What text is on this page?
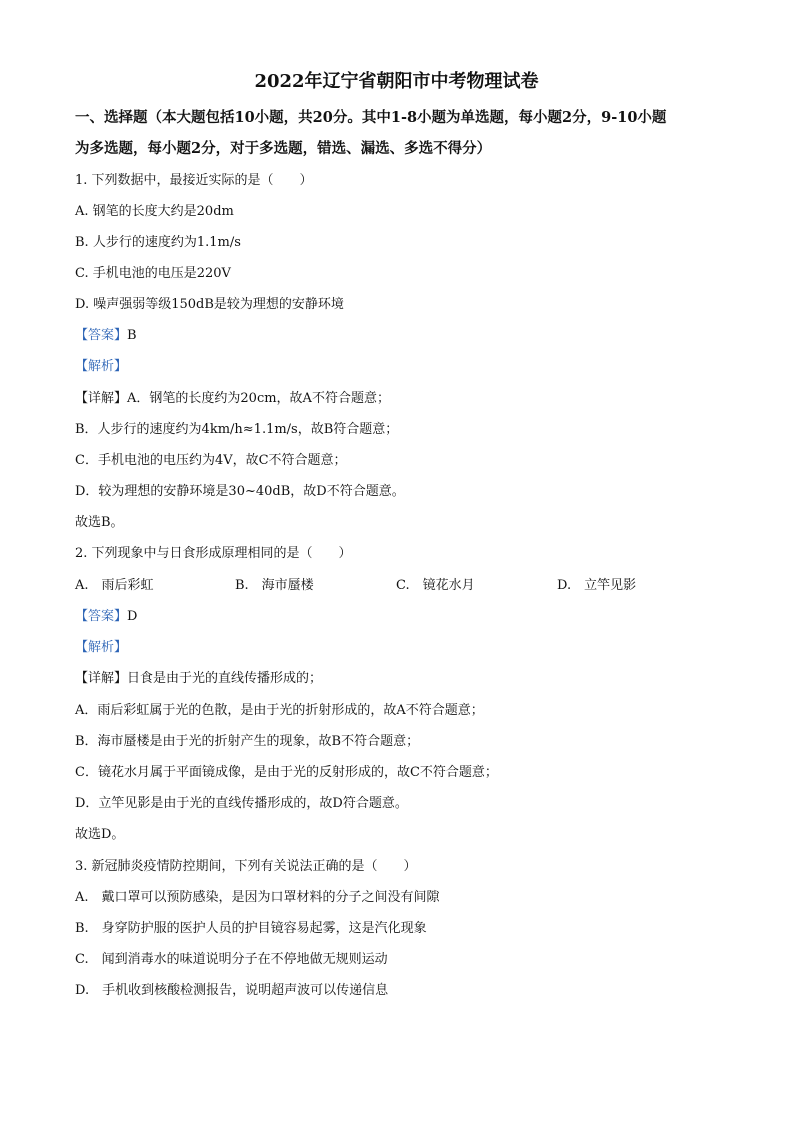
2022年辽宁省朝阳市中考物理试卷
一、选择题（本大题包括10小题，共20分。其中1-8小题为单选题，每小题2分，9-10小题
为多选题，每小题2分，对于多选题，错选、漏选、多选不得分）
1. 下列数据中，最接近实际的是（　　）
A. 钢笔的长度大约是20dm
B. 人步行的速度约为1.1m/s
C. 手机电池的电压是220V
D. 噪声强弱等级150dB是较为理想的安静环境
【答案】B
【解析】
【详解】A．钢笔的长度约为20cm，故A不符合题意；
B．人步行的速度约为4km/h≈1.1m/s，故B符合题意；
C．手机电池的电压约为4V，故C不符合题意；
D．较为理想的安静环境是30~40dB，故D不符合题意。
故选B。
2. 下列现象中与日食形成原理相同的是（　　）
A.　雨后彩虹	B.　海市蜃楼	C.　镜花水月	D.　立竿见影
【答案】D
【解析】
【详解】日食是由于光的直线传播形成的；
A．雨后彩虹属于光的色散，是由于光的折射形成的，故A不符合题意；
B．海市蜃楼是由于光的折射产生的现象，故B不符合题意；
C．镜花水月属于平面镜成像，是由于光的反射形成的，故C不符合题意；
D．立竿见影是由于光的直线传播形成的，故D符合题意。
故选D。
3. 新冠肺炎疫情防控期间，下列有关说法正确的是（　　）
A.　戴口罩可以预防感染，是因为口罩材料的分子之间没有间隙
B.　身穿防护服的医护人员的护目镜容易起雾，这是汽化现象
C.　闻到消毒水的味道说明分子在不停地做无规则运动
D.　手机收到核酸检测报告，说明超声波可以传递信息
